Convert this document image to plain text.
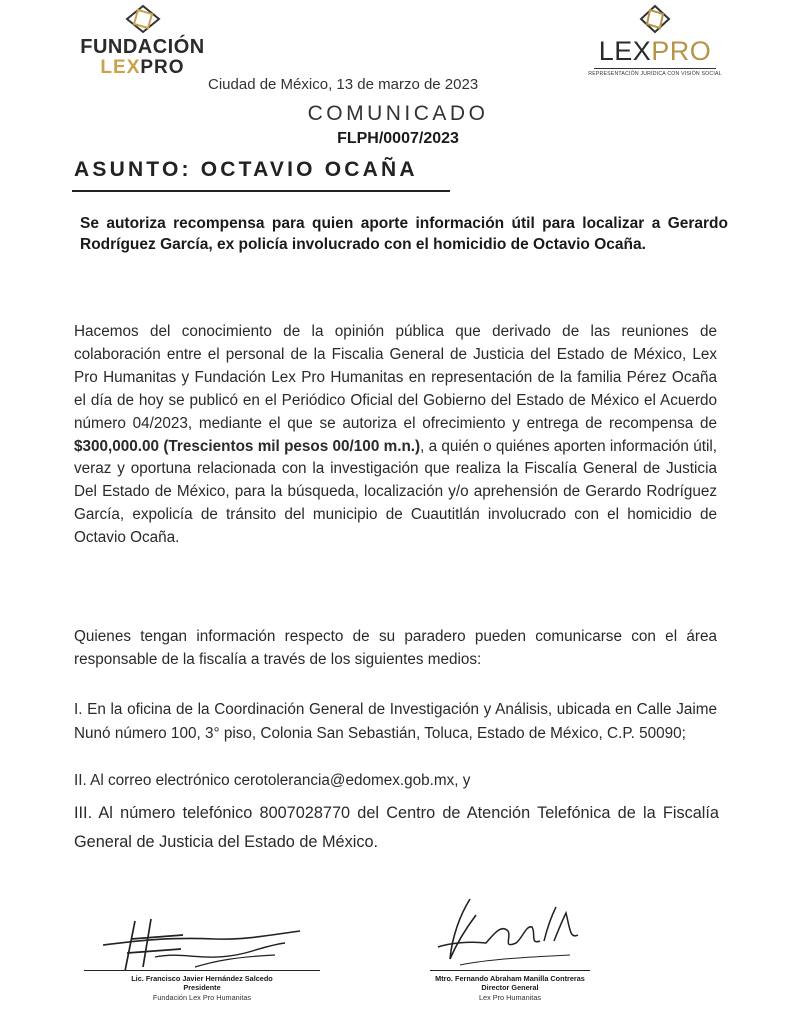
FUNDACIÓN
LEXPRO
LEXPRO
REPRESENTACIÓN JURÍDICA CON VISIÓN SOCIAL
Ciudad de México, 13 de marzo de 2023
COMUNICADO
FLPH/0007/2023
ASUNTO: OCTAVIO OCAÑA
Se autoriza recompensa para quien aporte información útil para localizar a Gerardo Rodríguez García, ex policía involucrado con el homicidio de Octavio Ocaña.
Hacemos del conocimiento de la opinión pública que derivado de las reuniones de colaboración entre el personal de la Fiscalia General de Justicia del Estado de México, Lex Pro Humanitas y Fundación Lex Pro Humanitas en representación de la familia Pérez Ocaña el día de hoy se publicó en el Periódico Oficial del Gobierno del Estado de México el Acuerdo número 04/2023, mediante el que se autoriza el ofrecimiento y entrega de recompensa de $300,000.00 (Trescientos mil pesos 00/100 m.n.), a quién o quiénes aporten información útil, veraz y oportuna relacionada con la investigación que realiza la Fiscalía General de Justicia Del Estado de México, para la búsqueda, localización y/o aprehensión de Gerardo Rodríguez García, expolicía de tránsito del municipio de Cuautitlán involucrado con el homicidio de Octavio Ocaña.
Quienes tengan información respecto de su paradero pueden comunicarse con el área responsable de la fiscalía a través de los siguientes medios:
I. En la oficina de la Coordinación General de Investigación y Análisis, ubicada en Calle Jaime Nunó número 100, 3° piso, Colonia San Sebastián, Toluca, Estado de México, C.P. 50090;
II. Al correo electrónico cerotolerancia@edomex.gob.mx, y
III. Al número telefónico 8007028770 del Centro de Atención Telefónica de la Fiscalía General de Justicia del Estado de México.
Lic. Francisco Javier Hernández Salcedo
Presidente
Fundación Lex Pro Humanitas
Mtro. Fernando Abraham Manilla Contreras
Director General
Lex Pro Humanitas
